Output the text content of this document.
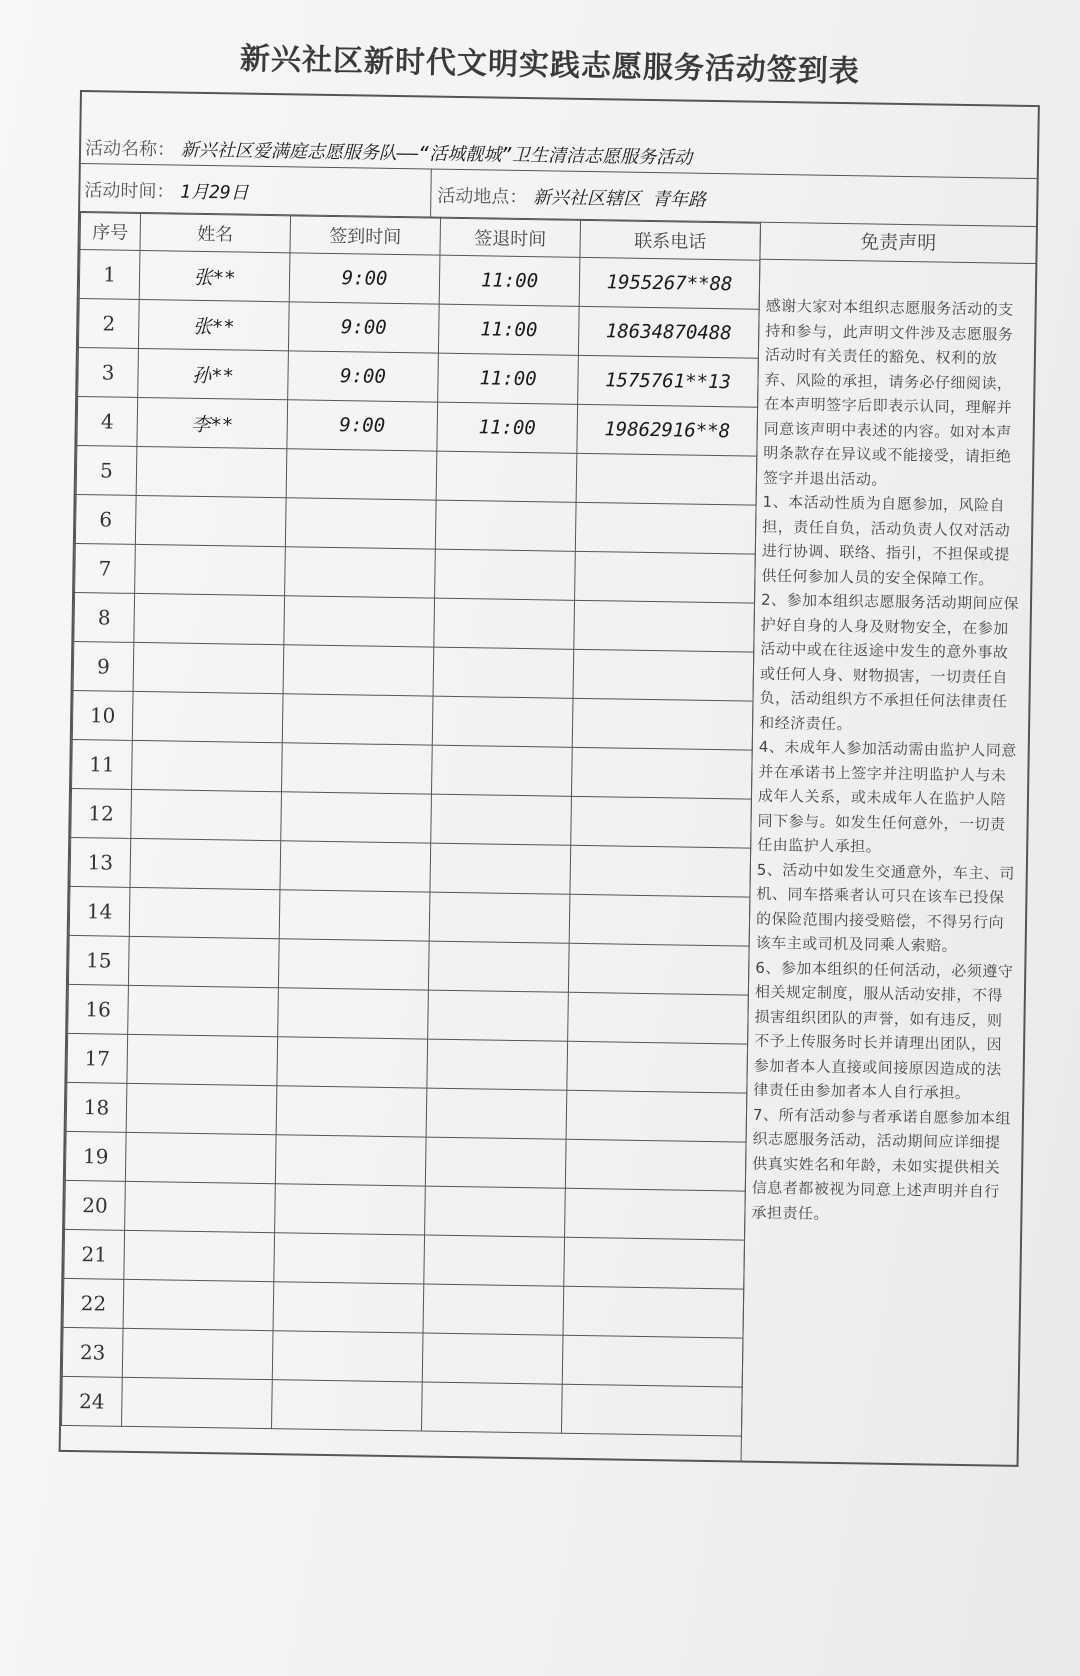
新兴社区新时代文明实践志愿服务活动签到表
活动名称： 新兴社区爱满庭志愿服务队——“活城靓城”卫生清洁志愿服务活动
活动时间： 1月29日	活动地点： 新兴社区辖区 青年路
序号	姓名	签到时间	签退时间	联系电话
1	张**	9:00	11:00	1955267**88
2	张**	9:00	11:00	18634870488
3	孙**	9:00	11:00	1575761**13
4	李**	9:00	11:00	19862916**8
5				
6				
7				
8				
9				
10				
11				
12				
13				
14				
15				
16				
17				
18				
19				
20				
21				
22				
23				
24				
免责声明
感谢大家对本组织志愿服务活动的支持和参与，此声明文件涉及志愿服务活动时有关责任的豁免、权利的放弃、风险的承担，请务必仔细阅读，在本声明签字后即表示认同，理解并同意该声明中表述的内容。如对本声明条款存在异议或不能接受，请拒绝签字并退出活动。
1、本活动性质为自愿参加，风险自担，责任自负，活动负责人仅对活动进行协调、联络、指引，不担保或提供任何参加人员的安全保障工作。
2、参加本组织志愿服务活动期间应保护好自身的人身及财物安全，在参加活动中或在往返途中发生的意外事故或任何人身、财物损害，一切责任自负，活动组织方不承担任何法律责任和经济责任。
4、未成年人参加活动需由监护人同意并在承诺书上签字并注明监护人与未成年人关系，或未成年人在监护人陪同下参与。如发生任何意外，一切责任由监护人承担。
5、活动中如发生交通意外，车主、司机、同车搭乘者认可只在该车已投保的保险范围内接受赔偿，不得另行向该车主或司机及同乘人索赔。
6、参加本组织的任何活动，必须遵守相关规定制度，服从活动安排，不得损害组织团队的声誉，如有违反，则不予上传服务时长并请理出团队，因参加者本人直接或间接原因造成的法律责任由参加者本人自行承担。
7、所有活动参与者承诺自愿参加本组织志愿服务活动，活动期间应详细提供真实姓名和年龄，未如实提供相关信息者都被视为同意上述声明并自行承担责任。
